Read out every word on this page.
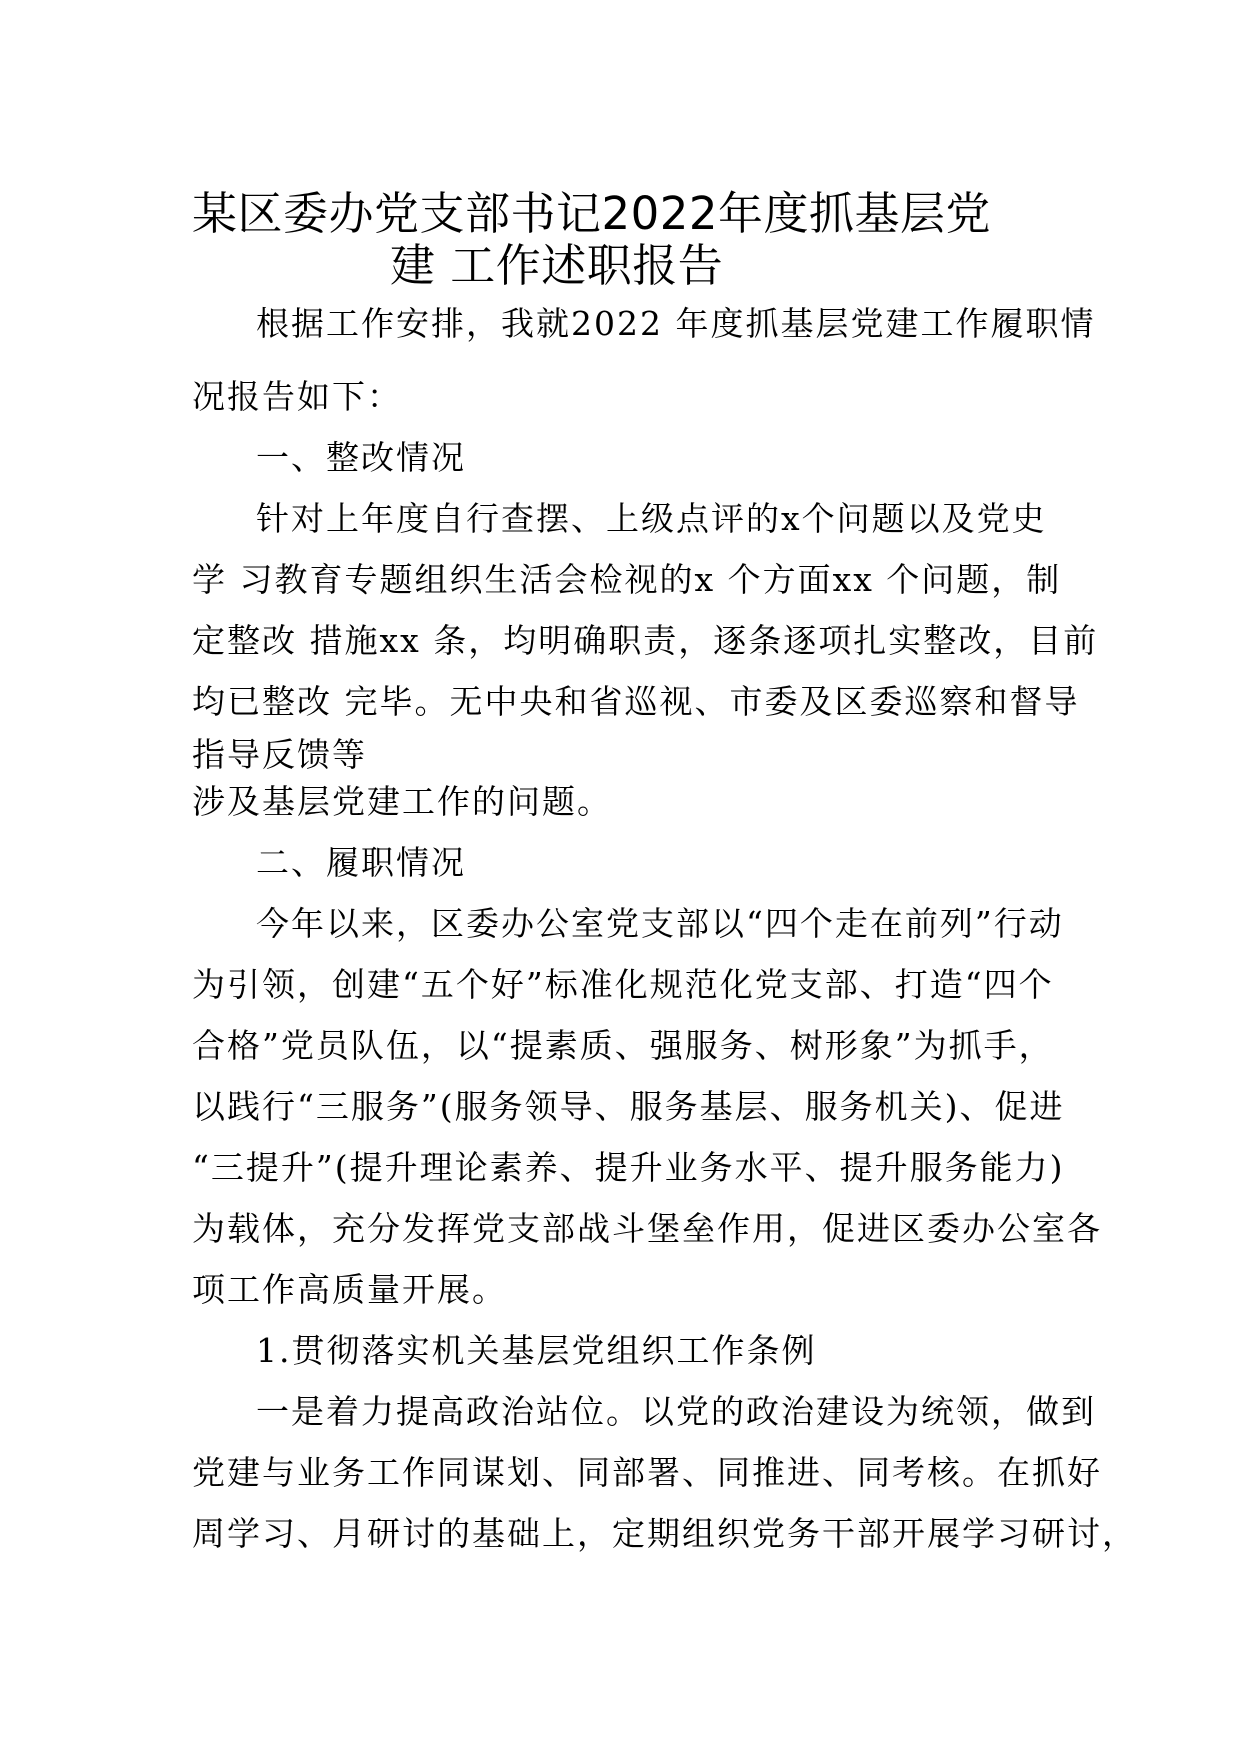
某区委办党支部书记2022年度抓基层党
建 工作述职报告
根据工作安排，我就2022 年度抓基层党建工作履职情
况报告如下：
一、整改情况
针对上年度自行查摆、上级点评的x个问题以及党史
学 习教育专题组织生活会检视的x 个方面xx 个问题，制
定整改 措施xx 条，均明确职责，逐条逐项扎实整改，目前
均已整改 完毕。无中央和省巡视、市委及区委巡察和督导
指导反馈等
涉及基层党建工作的问题。
二、履职情况
今年以来，区委办公室党支部以“四个走在前列”行动
为引领，创建“五个好”标准化规范化党支部、打造“四个
合格”党员队伍，以“提素质、强服务、树形象”为抓手，
以践行“三服务”(服务领导、服务基层、服务机关)、促进
“三提升”(提升理论素养、提升业务水平、提升服务能力)
为载体，充分发挥党支部战斗堡垒作用，促进区委办公室各
项工作高质量开展。
1.贯彻落实机关基层党组织工作条例
一是着力提高政治站位。以党的政治建设为统领，做到
党建与业务工作同谋划、同部署、同推进、同考核。在抓好
周学习、月研讨的基础上，定期组织党务干部开展学习研讨，
